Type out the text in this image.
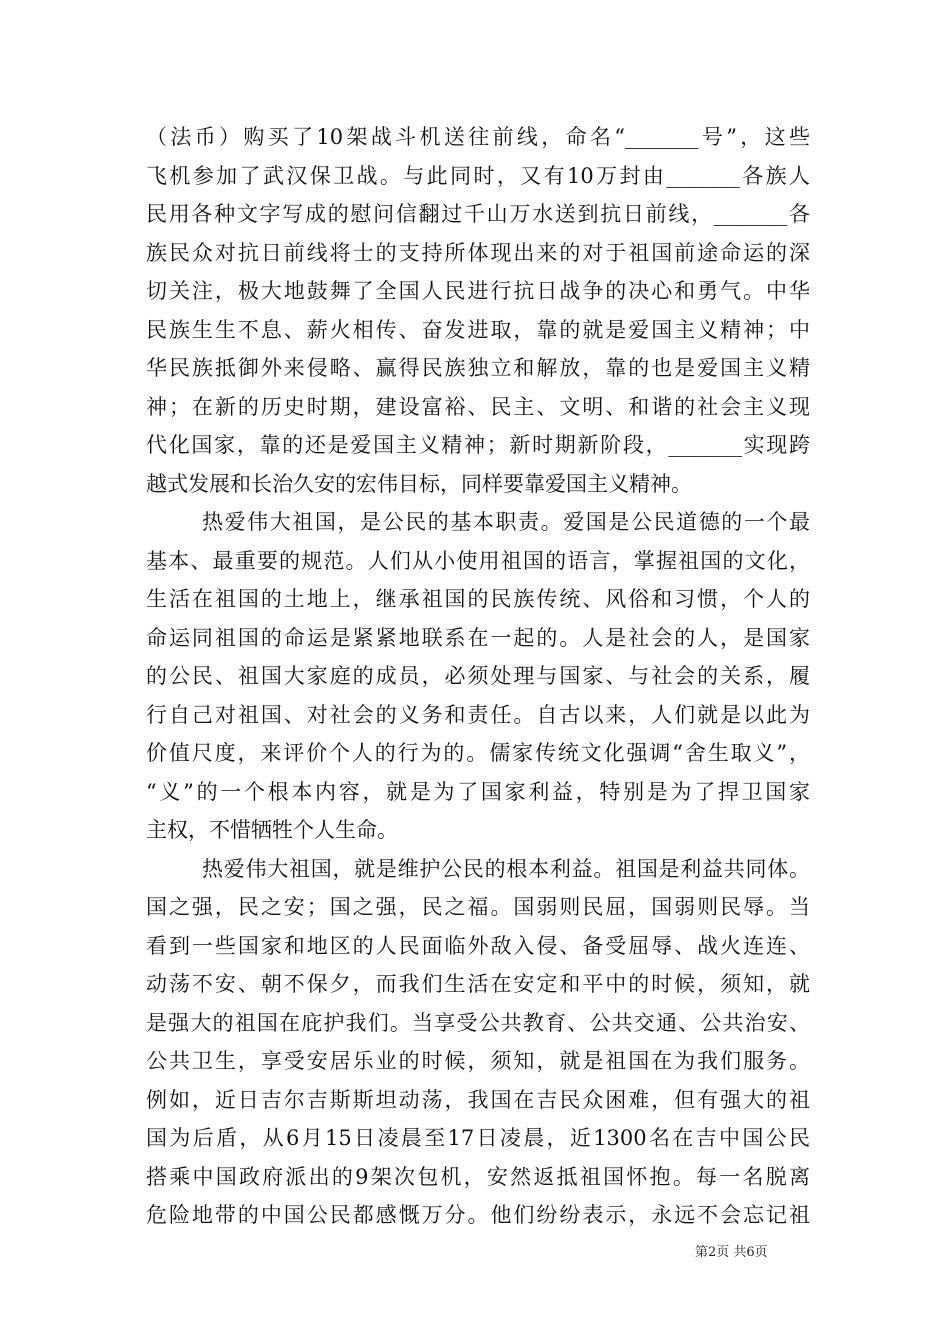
（法币）购买了10架战斗机送往前线，命名“_______号”，这些
飞机参加了武汉保卫战。与此同时，又有10万封由_______各族人
民用各种文字写成的慰问信翻过千山万水送到抗日前线，_______各
族民众对抗日前线将士的支持所体现出来的对于祖国前途命运的深
切关注，极大地鼓舞了全国人民进行抗日战争的决心和勇气。中华
民族生生不息、薪火相传、奋发进取，靠的就是爱国主义精神；中
华民族抵御外来侵略、赢得民族独立和解放，靠的也是爱国主义精
神；在新的历史时期，建设富裕、民主、文明、和谐的社会主义现
代化国家，靠的还是爱国主义精神；新时期新阶段，_______实现跨
越式发展和长治久安的宏伟目标，同样要靠爱国主义精神。
热爱伟大祖国，是公民的基本职责。爱国是公民道德的一个最
基本、最重要的规范。人们从小使用祖国的语言，掌握祖国的文化，
生活在祖国的土地上，继承祖国的民族传统、风俗和习惯，个人的
命运同祖国的命运是紧紧地联系在一起的。人是社会的人，是国家
的公民、祖国大家庭的成员，必须处理与国家、与社会的关系，履
行自己对祖国、对社会的义务和责任。自古以来，人们就是以此为
价值尺度，来评价个人的行为的。儒家传统文化强调“舍生取义”，
“义”的一个根本内容，就是为了国家利益，特别是为了捍卫国家
主权，不惜牺牲个人生命。
热爱伟大祖国，就是维护公民的根本利益。祖国是利益共同体。
国之强，民之安；国之强，民之福。国弱则民屈，国弱则民辱。当
看到一些国家和地区的人民面临外敌入侵、备受屈辱、战火连连、
动荡不安、朝不保夕，而我们生活在安定和平中的时候，须知，就
是强大的祖国在庇护我们。当享受公共教育、公共交通、公共治安、
公共卫生，享受安居乐业的时候，须知，就是祖国在为我们服务。
例如，近日吉尔吉斯斯坦动荡，我国在吉民众困难，但有强大的祖
国为后盾，从6月15日凌晨至17日凌晨，近1300名在吉中国公民
搭乘中国政府派出的9架次包机，安然返抵祖国怀抱。每一名脱离
危险地带的中国公民都感慨万分。他们纷纷表示，永远不会忘记祖
第2页 共6页
